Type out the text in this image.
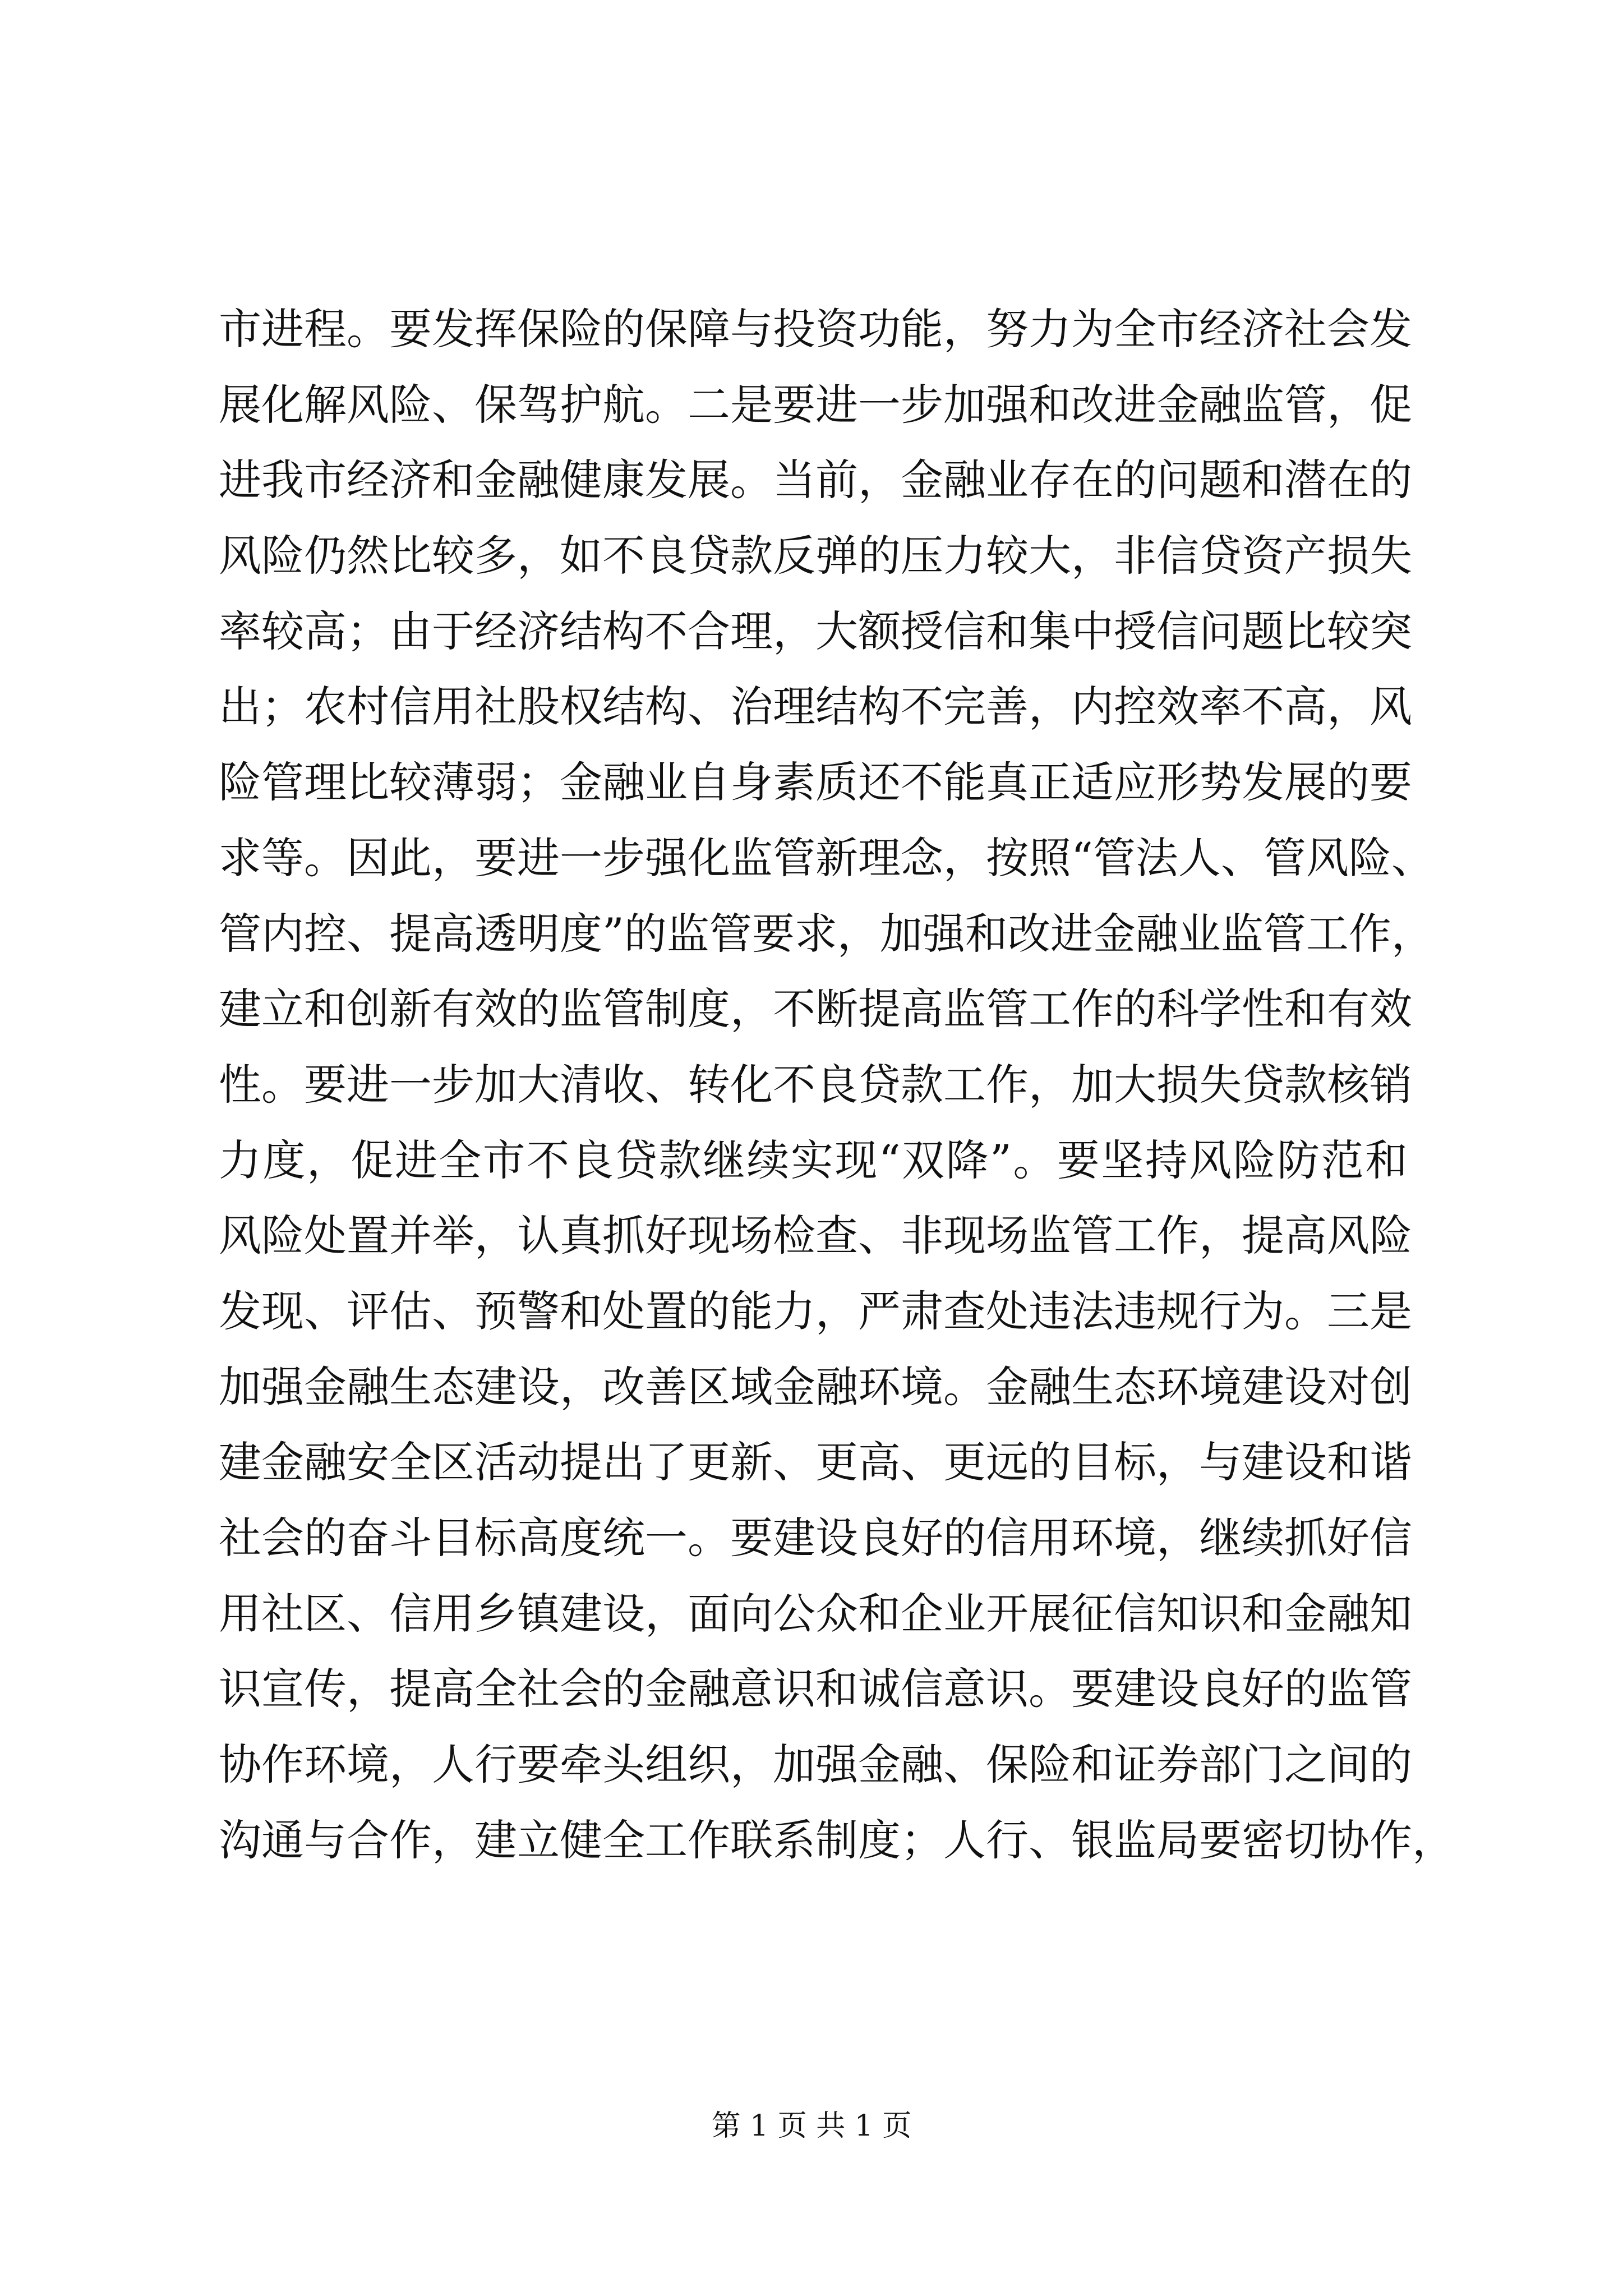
市进程。要发挥保险的保障与投资功能，努力为全市经济社会发
展化解风险、保驾护航。二是要进一步加强和改进金融监管，促
进我市经济和金融健康发展。当前，金融业存在的问题和潜在的
风险仍然比较多，如不良贷款反弹的压力较大，非信贷资产损失
率较高；由于经济结构不合理，大额授信和集中授信问题比较突
出；农村信用社股权结构、治理结构不完善，内控效率不高，风
险管理比较薄弱；金融业自身素质还不能真正适应形势发展的要
求等。因此，要进一步强化监管新理念，按照“管法人、管风险、
管内控、提高透明度”的监管要求，加强和改进金融业监管工作，
建立和创新有效的监管制度，不断提高监管工作的科学性和有效
性。要进一步加大清收、转化不良贷款工作，加大损失贷款核销
力度，促进全市不良贷款继续实现“双降”。要坚持风险防范和
风险处置并举，认真抓好现场检查、非现场监管工作，提高风险
发现、评估、预警和处置的能力，严肃查处违法违规行为。三是
加强金融生态建设，改善区域金融环境。金融生态环境建设对创
建金融安全区活动提出了更新、更高、更远的目标，与建设和谐
社会的奋斗目标高度统一。要建设良好的信用环境，继续抓好信
用社区、信用乡镇建设，面向公众和企业开展征信知识和金融知
识宣传，提高全社会的金融意识和诚信意识。要建设良好的监管
协作环境，人行要牵头组织，加强金融、保险和证券部门之间的
沟通与合作，建立健全工作联系制度；人行、银监局要密切协作，
第 1 页 共 1 页
